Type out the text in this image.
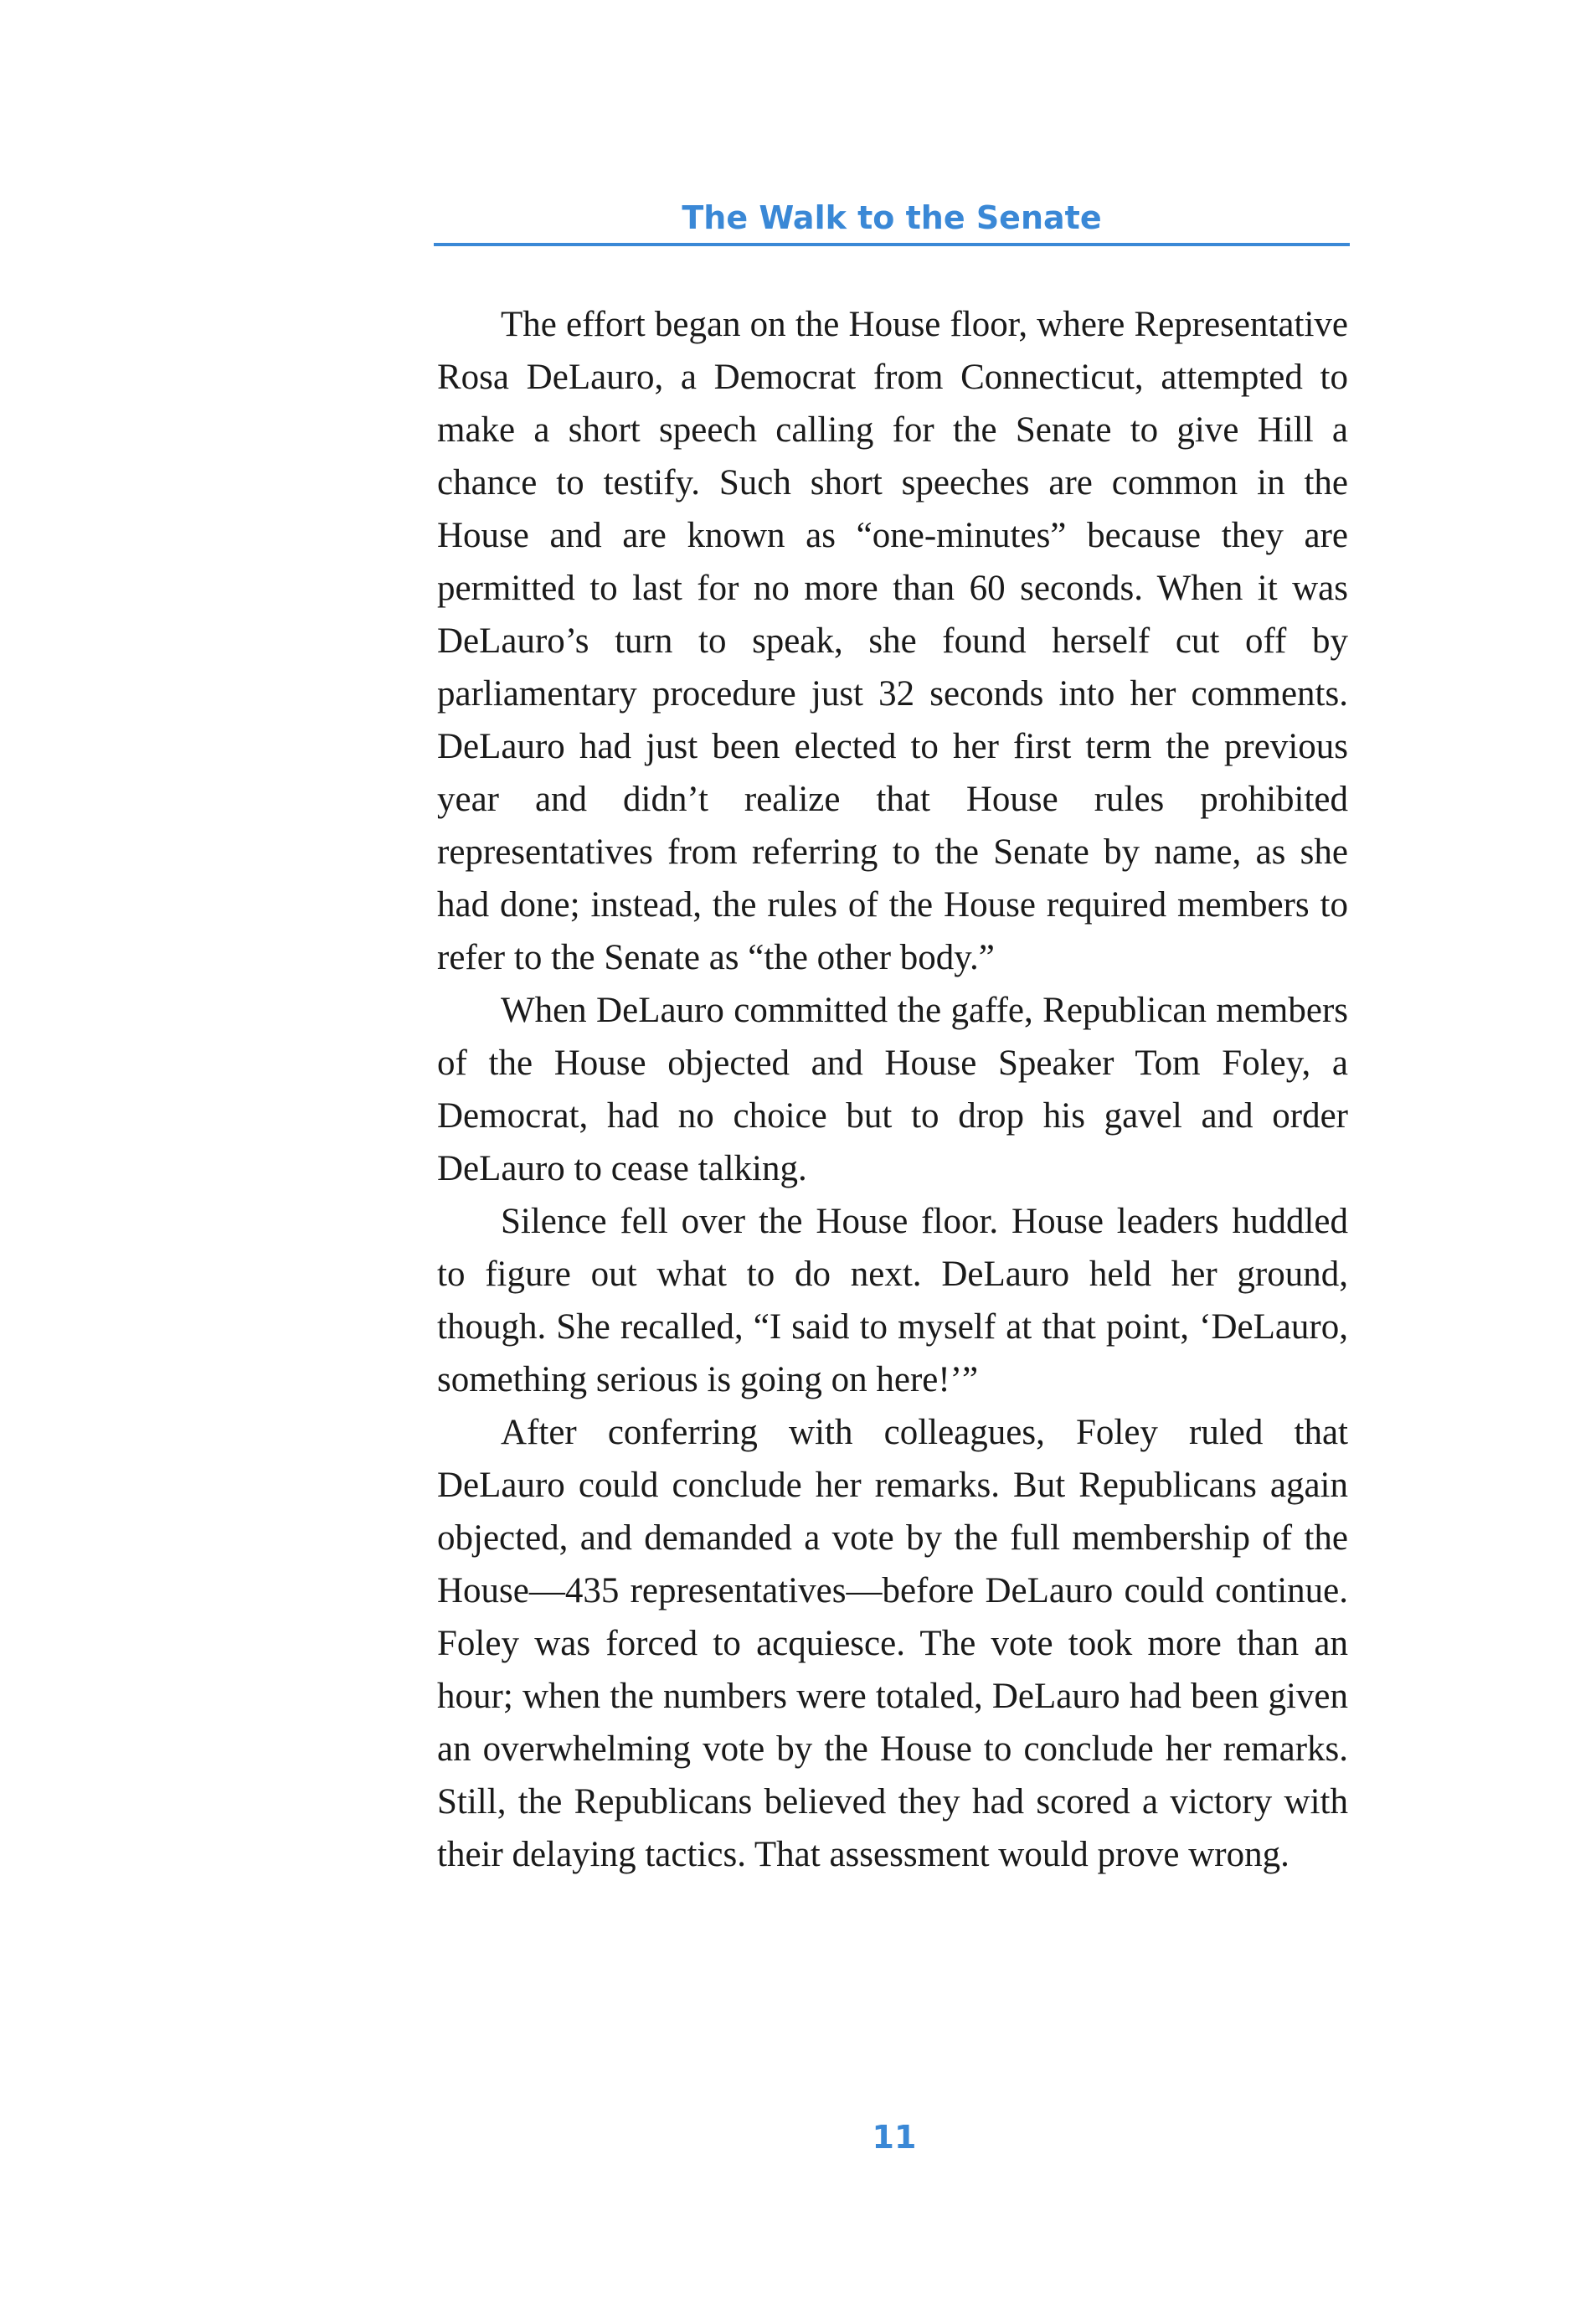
The Walk to the Senate

The effort began on the House floor, where Representative Rosa DeLauro, a Democrat from Connecticut, attempted to make a short speech calling for the Senate to give Hill a chance to testify. Such short speeches are common in the House and are known as “one-minutes” because they are permitted to last for no more than 60 seconds. When it was DeLauro’s turn to speak, she found herself cut off by parliamentary procedure just 32 seconds into her comments. DeLauro had just been elected to her first term the previous year and didn’t realize that House rules prohibited representatives from referring to the Senate by name, as she had done; instead, the rules of the House required members to refer to the Senate as “the other body.”

When DeLauro committed the gaffe, Republican members of the House objected and House Speaker Tom Foley, a Democrat, had no choice but to drop his gavel and order DeLauro to cease talking.

Silence fell over the House floor. House leaders huddled to figure out what to do next. DeLauro held her ground, though. She recalled, “I said to myself at that point, ‘DeLauro, something serious is going on here!’”

After conferring with colleagues, Foley ruled that DeLauro could conclude her remarks. But Republicans again objected, and demanded a vote by the full membership of the House—435 representatives—before DeLauro could continue. Foley was forced to acquiesce. The vote took more than an hour; when the numbers were totaled, DeLauro had been given an overwhelming vote by the House to conclude her remarks. Still, the Republicans believed they had scored a victory with their delaying tactics. That assessment would prove wrong.

11
